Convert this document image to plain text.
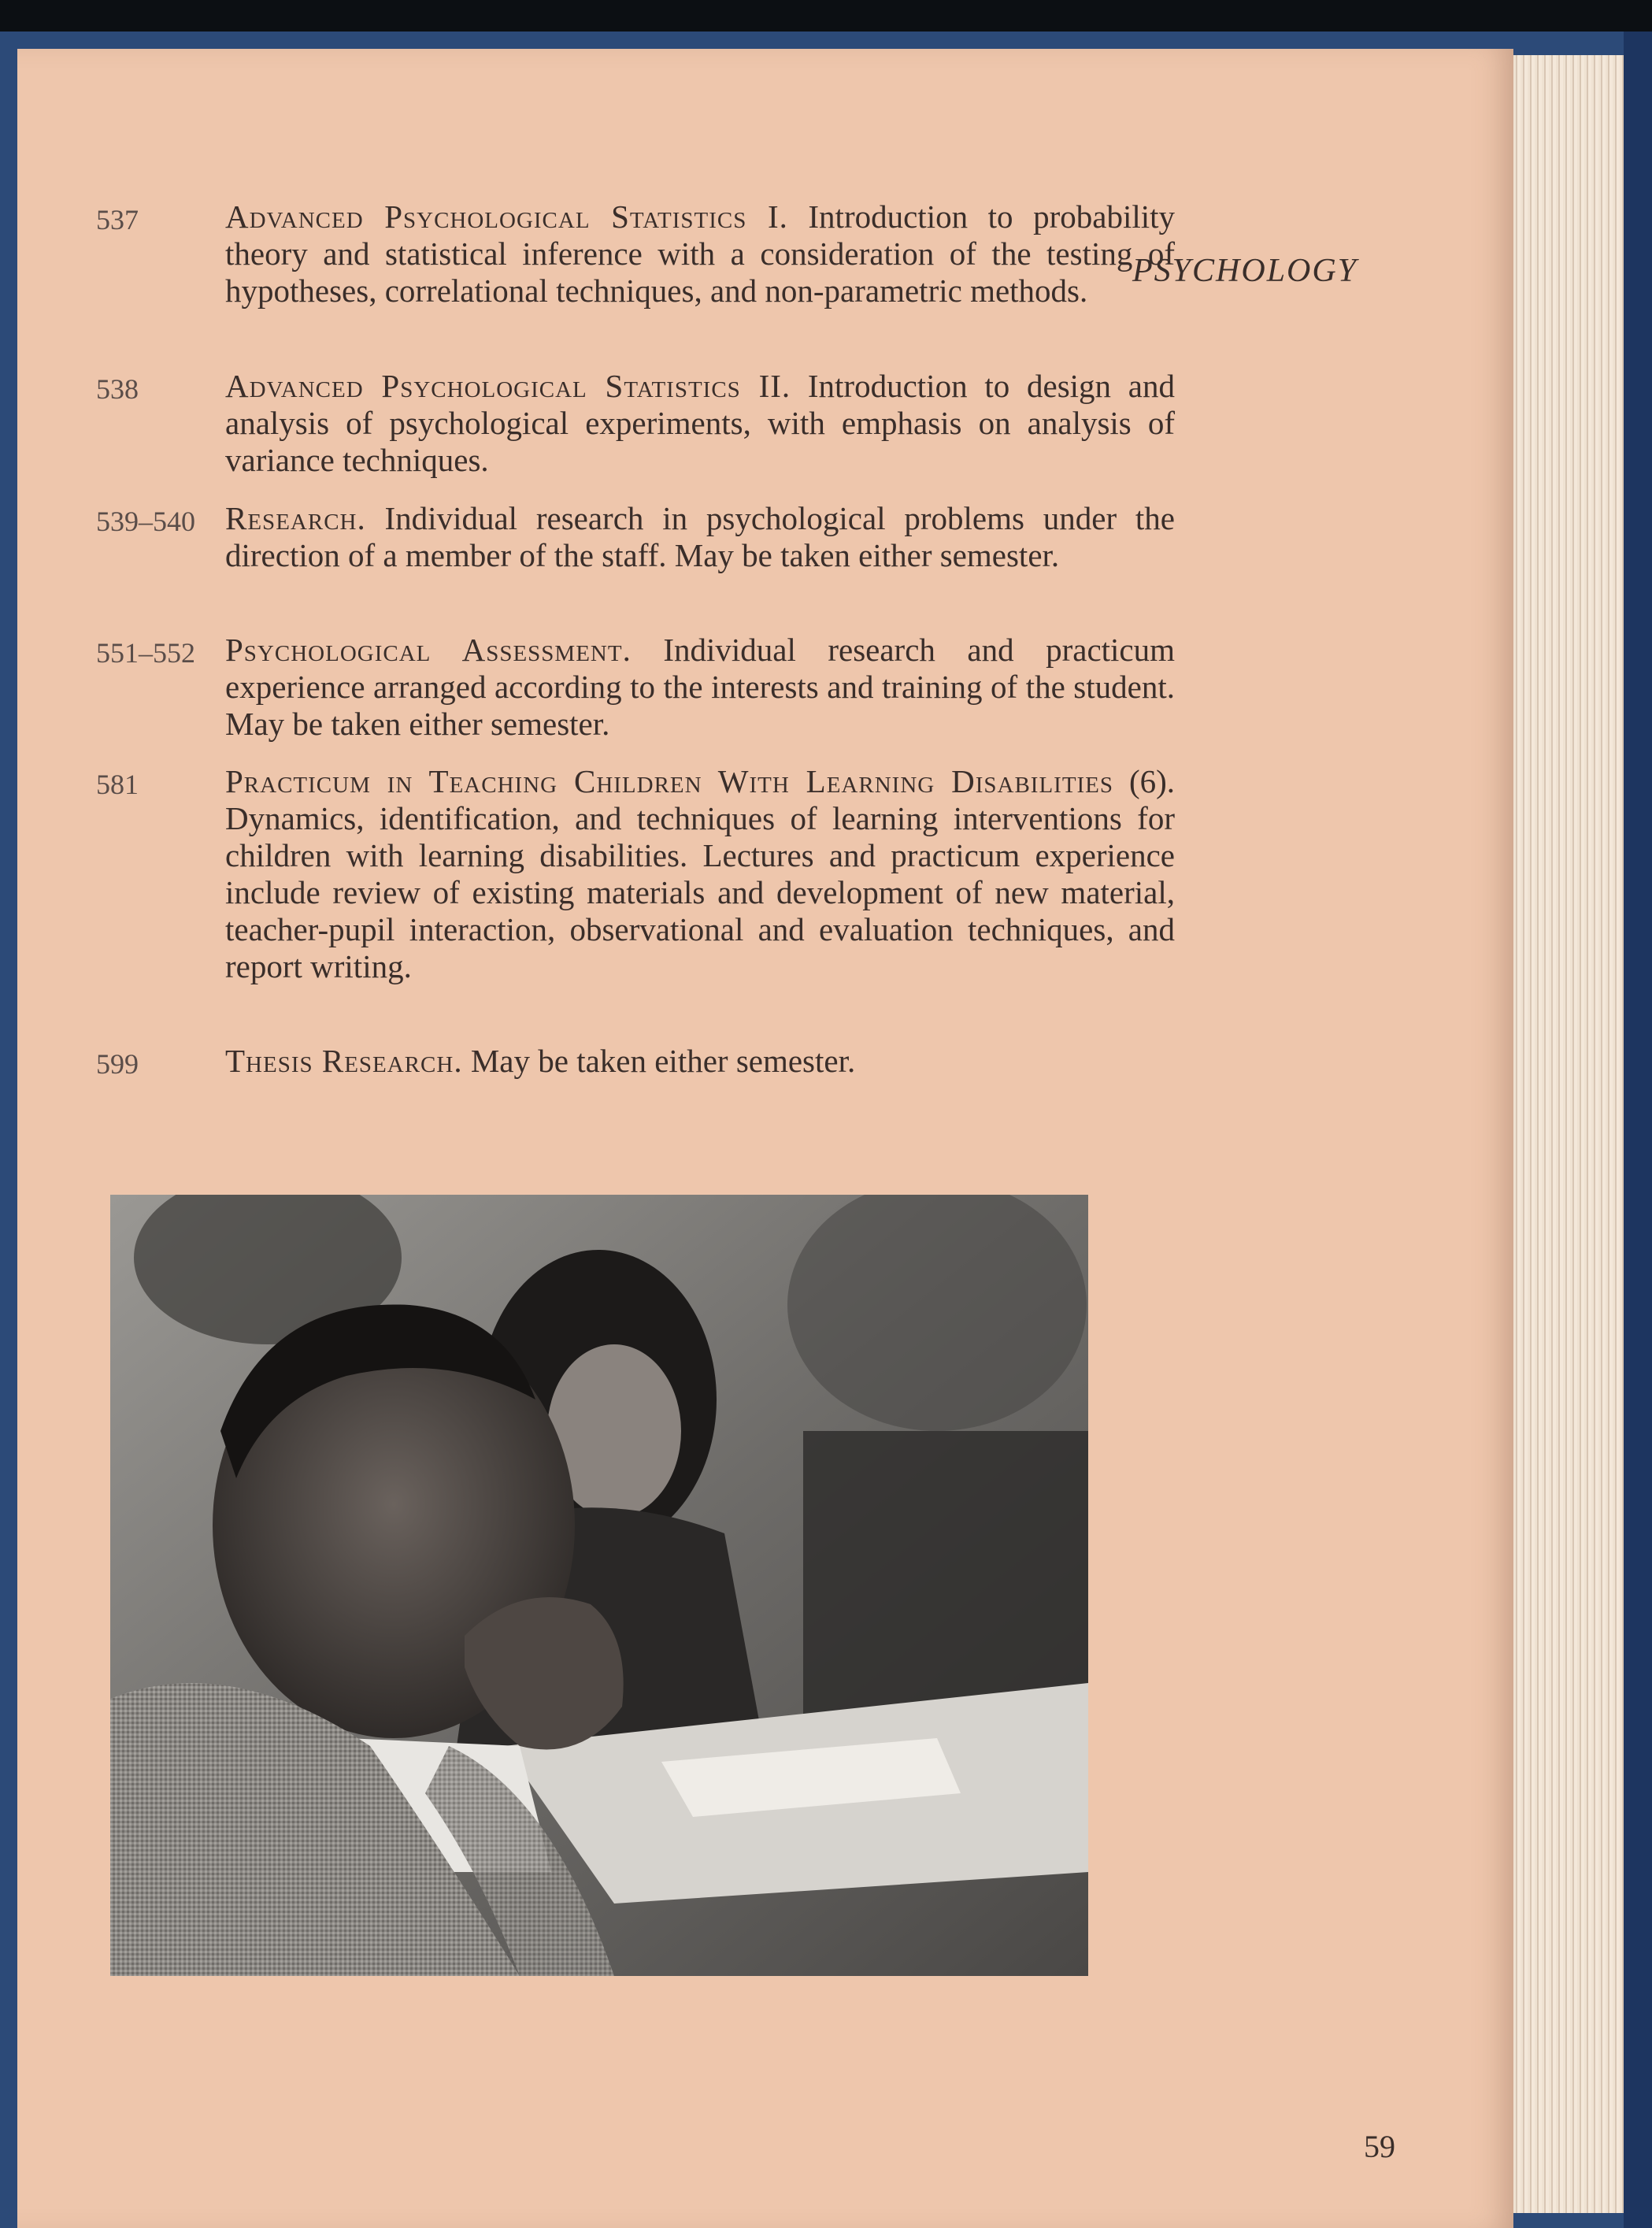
PSYCHOLOGY
537	Advanced Psychological Statistics I. Introduction to probability theory and statistical inference with a consideration of the testing of hypotheses, correlational techniques, and non-parametric methods.
538	Advanced Psychological Statistics II. Introduction to design and analysis of psychological experiments, with emphasis on analysis of variance techniques.
539–540 Research. Individual research in psychological problems under the direction of a member of the staff. May be taken either semester.
551–552 Psychological Assessment. Individual research and practicum experience arranged according to the interests and training of the student. May be taken either semester.
581	Practicum in Teaching Children With Learning Disabilities (6). Dynamics, identification, and techniques of learning interventions for children with learning disabilities. Lectures and practicum experience include review of existing materials and development of new material, teacher-pupil interaction, observational and evaluation techniques, and report writing.
599	Thesis Research. May be taken either semester.
59
